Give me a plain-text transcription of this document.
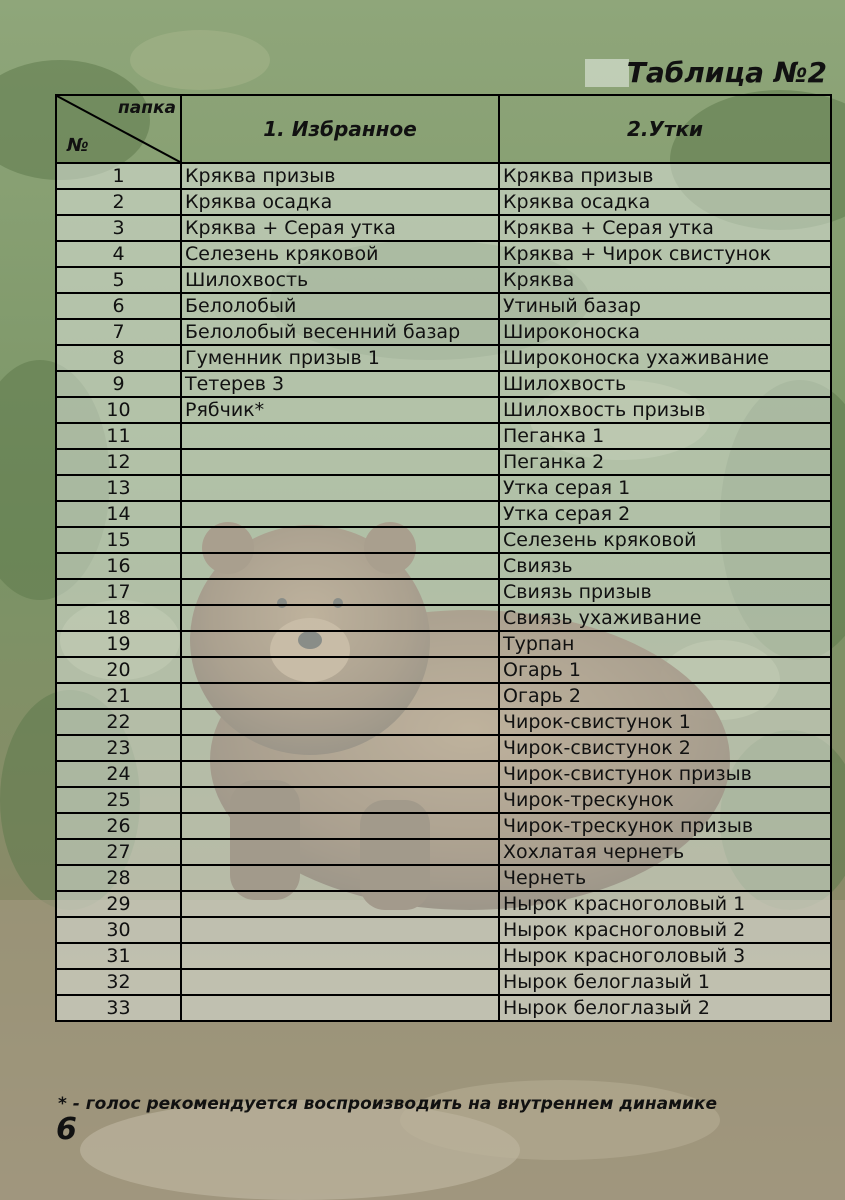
Таблица №2
папка
№	1. Избранное	2.Утки
1	Кряква призыв	Кряква призыв
2	Кряква осадка	Кряква осадка
3	Кряква + Серая утка	Кряква + Серая утка
4	Селезень кряковой	Кряква + Чирок свистунок
5	Шилохвость	Кряква
6	Белолобый	Утиный базар
7	Белолобый весенний базар	Широконоска
8	Гуменник призыв 1	Широконоска ухаживание
9	Тетерев 3	Шилохвость
10	Рябчик*	Шилохвость призыв
11		Пеганка 1
12		Пеганка 2
13		Утка серая 1
14		Утка серая 2
15		Селезень кряковой
16		Свиязь
17		Свиязь призыв
18		Свиязь ухаживание
19		Турпан
20		Огарь 1
21		Огарь 2
22		Чирок-свистунок 1
23		Чирок-свистунок 2
24		Чирок-свистунок призыв
25		Чирок-трескунок
26		Чирок-трескунок призыв
27		Хохлатая чернеть
28		Чернеть
29		Нырок красноголовый 1
30		Нырок красноголовый 2
31		Нырок красноголовый 3
32		Нырок белоглазый 1
33		Нырок белоглазый 2
* - голос рекомендуется воспроизводить на внутреннем динамике
6
